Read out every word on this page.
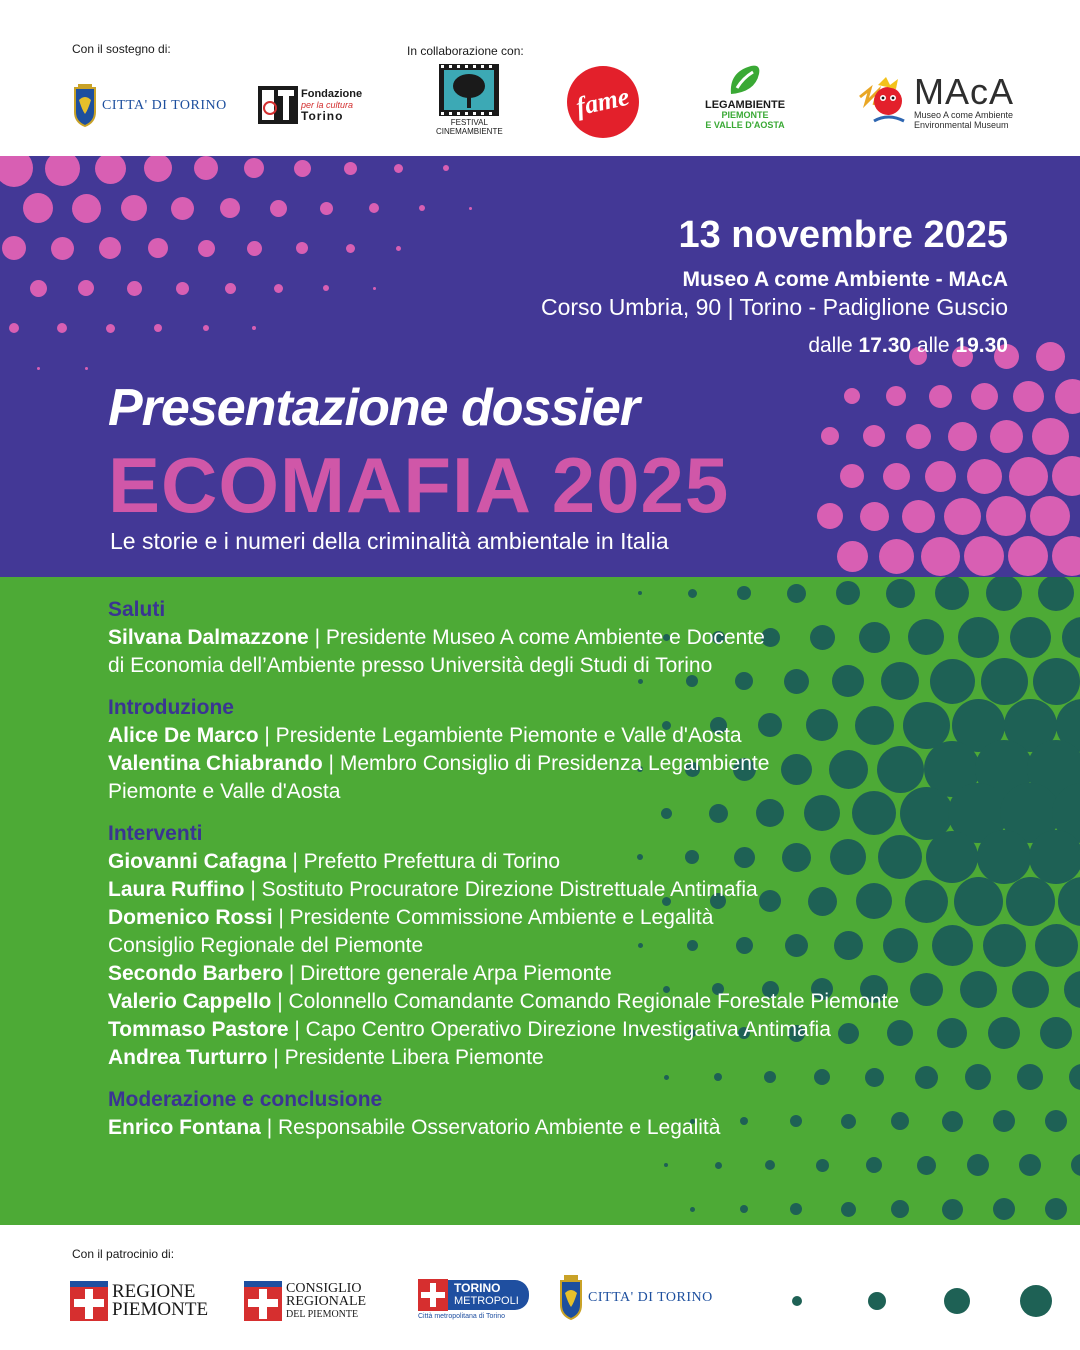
Con il sostegno di:	In collaborazione con:
CITTA' DI TORINO
Fondazione
per la cultura
Torino	FESTIVAL
CINEMAMBIENTE
fame	LEGAMBIENTE
PIEMONTE
E VALLE D'AOSTA
MAcA
Museo A come Ambiente
Environmental Museum
13 novembre 2025
Museo A come Ambiente - MAcA
Corso Umbria, 90 | Torino - Padiglione Guscio
dalle 17.30 alle 19.30
Presentazione dossier
ECOMAFIA 2025
Le storie e i numeri della criminalità ambientale in Italia
Saluti
Silvana Dalmazzone | Presidente Museo A come Ambiente e Docente
di Economia dell’Ambiente presso Università degli Studi di Torino
Introduzione
Alice De Marco | Presidente Legambiente Piemonte e Valle d'Aosta
Valentina Chiabrando | Membro Consiglio di Presidenza Legambiente
Piemonte e Valle d'Aosta
Interventi
Giovanni Cafagna | Prefetto Prefettura di Torino
Laura Ruffino | Sostituto Procuratore Direzione Distrettuale Antimafia
Domenico Rossi | Presidente Commissione Ambiente e Legalità
Consiglio Regionale del Piemonte
Secondo Barbero | Direttore generale Arpa Piemonte
Valerio Cappello | Colonnello Comandante Comando Regionale Forestale Piemonte
Tommaso Pastore | Capo Centro Operativo Direzione Investigativa Antimafia
Andrea Turturro | Presidente Libera Piemonte
Moderazione e conclusione
Enrico Fontana | Responsabile Osservatorio Ambiente e Legalità
Con il patrocinio di:
REGIONE
PIEMONTE
CONSIGLIO
REGIONALE
DEL PIEMONTE
TORINO
METROPOLI
Città metropolitana di Torino
CITTA' DI TORINO
